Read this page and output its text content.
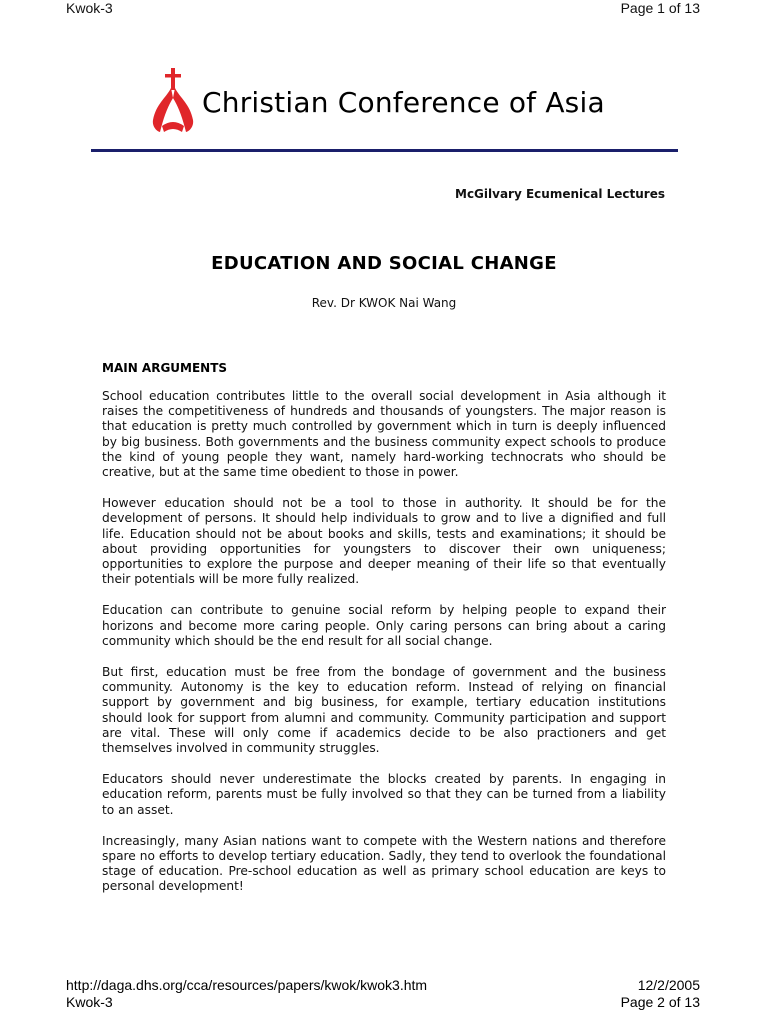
Kwok-3	Page 1 of 13
Christian Conference of Asia
McGilvary Ecumenical Lectures
EDUCATION AND SOCIAL CHANGE
Rev. Dr KWOK Nai Wang
MAIN ARGUMENTS

School education contributes little to the overall social development in Asia although it raises the competitiveness of hundreds and thousands of youngsters. The major reason is that education is pretty much controlled by government which in turn is deeply influenced by big business. Both governments and the business community expect schools to produce the kind of young people they want, namely hard-working technocrats who should be creative, but at the same time obedient to those in power.

However education should not be a tool to those in authority. It should be for the development of persons. It should help individuals to grow and to live a dignified and full life. Education should not be about books and skills, tests and examinations; it should be about providing opportunities for youngsters to discover their own uniqueness; opportunities to explore the purpose and deeper meaning of their life so that eventually their potentials will be more fully realized.

Education can contribute to genuine social reform by helping people to expand their horizons and become more caring people. Only caring persons can bring about a caring community which should be the end result for all social change.

But first, education must be free from the bondage of government and the business community. Autonomy is the key to education reform. Instead of relying on financial support by government and big business, for example, tertiary education institutions should look for support from alumni and community. Community participation and support are vital. These will only come if academics decide to be also practioners and get themselves involved in community struggles.

Educators should never underestimate the blocks created by parents. In engaging in education reform, parents must be fully involved so that they can be turned from a liability to an asset.

Increasingly, many Asian nations want to compete with the Western nations and therefore spare no efforts to develop tertiary education. Sadly, they tend to overlook the foundational stage of education. Pre-school education as well as primary school education are keys to personal development!

http://daga.dhs.org/cca/resources/papers/kwok/kwok3.htm	12/2/2005
Kwok-3	Page 2 of 13
